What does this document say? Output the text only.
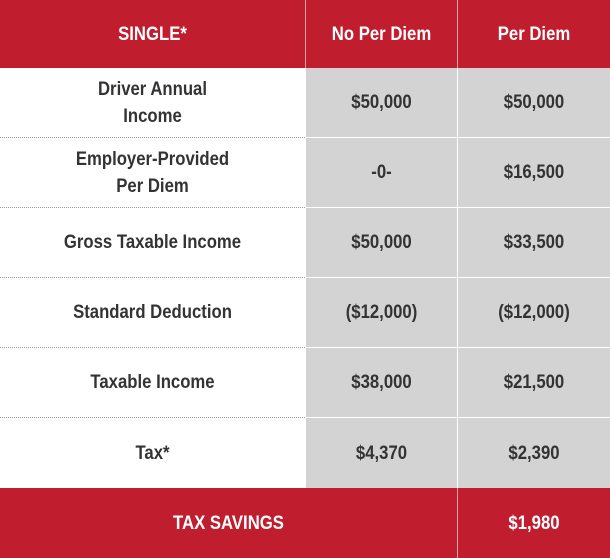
SINGLE*	No Per Diem	Per Diem
Driver Annual
Income
$50,000	$50,000
Employer-Provided
Per Diem
-0-	$16,500
Gross Taxable Income	$50,000	$33,500
Standard Deduction	($12,000)	($12,000)
Taxable Income	$38,000	$21,500
Tax*	$4,370	$2,390
TAX SAVINGS	$1,980
